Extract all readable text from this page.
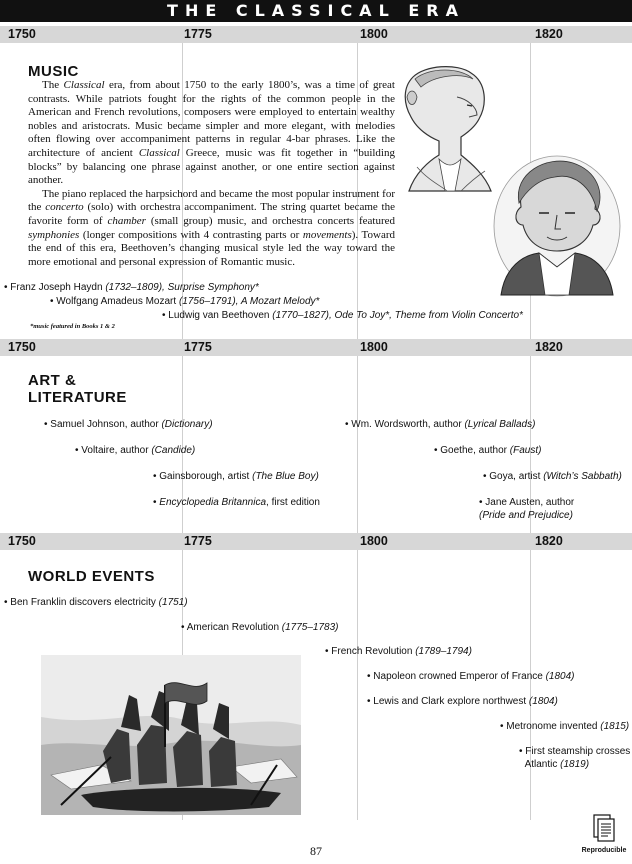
THE CLASSICAL ERA
1750	1775	1800	1820
MUSIC

The Classical era, from about 1750 to the early 1800’s, was a time of great contrasts. While patriots fought for the rights of the common people in the American and French revolutions, composers were employed to entertain wealthy nobles and aristocrats. Music became simpler and more elegant, with melodies often flowing over accompaniment patterns in regular 4-bar phrases. Like the architecture of ancient Classical Greece, music was fit together in “building blocks” by balancing one phrase against another, or one entire section against another.

The piano replaced the harpsichord and became the most popular instrument for the concerto (solo) with orchestra accompaniment. The string quartet became the favorite form of chamber (small group) music, and orchestra concerts featured symphonies (longer compositions with 4 contrasting parts or movements). Toward the end of this era, Beethoven’s changing musical style led the way toward the more emotional and personal expression of Romantic music.

• Franz Joseph Haydn (1732–1809), Surprise Symphony*
• Wolfgang Amadeus Mozart (1756–1791), A Mozart Melody*
• Ludwig van Beethoven (1770–1827), Ode To Joy*, Theme from Violin Concerto*
*music featured in Books 1 & 2
1750	1775	1800	1820
ART &
LITERATURE
• Samuel Johnson, author (Dictionary)
• Voltaire, author (Candide)
• Gainsborough, artist (The Blue Boy)
• Encyclopedia Britannica, first edition
• Wm. Wordsworth, author (Lyrical Ballads)
• Goethe, author (Faust)
• Goya, artist (Witch’s Sabbath)
• Jane Austen, author
(Pride and Prejudice)
1750	1775	1800	1820
WORLD EVENTS
• Ben Franklin discovers electricity (1751)
• American Revolution (1775–1783)
• French Revolution (1789–1794)
• Napoleon crowned Emperor of France (1804)
• Lewis and Clark explore northwest (1804)
• Metronome invented (1815)
• First steamship crosses
Atlantic (1819)
87	Reproducible
